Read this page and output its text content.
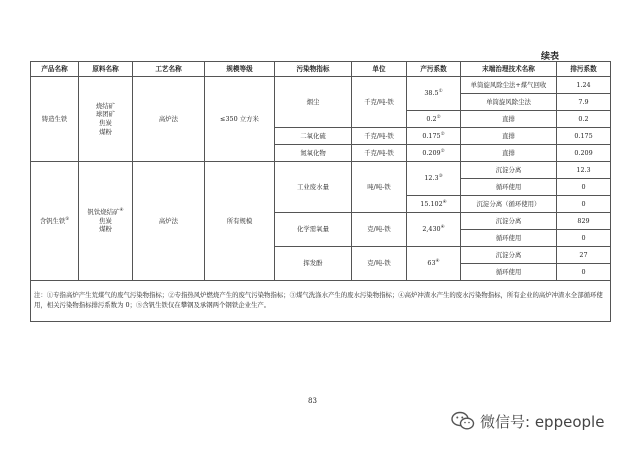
续表
产品名称	原料名称	工艺名称	规模等级	污染物指标	单位	产污系数	末端治理技术名称	排污系数
铸造生铁	烧结矿
球团矿
焦炭
煤粉	高炉法	≤350 立方米	烟尘	千克/吨-铁	38.5①	单筒旋风除尘法+煤气回收	1.24
							单筒旋风除尘法	7.9
						0.2②	直排	0.2
				二氧化硫	千克/吨-铁	0.175②	直排	0.175
				氮氧化物	千克/吨-铁	0.209②	直排	0.209
含钒生铁⑤	钒钛烧结矿④
焦炭
煤粉	高炉法	所有规模	工业废水量	吨/吨-铁	12.3③	沉淀分离	12.3
							循环使用	0
						15.102④	沉淀分离（循环使用）	0
				化学需氧量	克/吨-铁	2,430④	沉淀分离	829
							循环使用	0
				挥发酚	克/吨-铁	63④	沉淀分离	27
							循环使用	0
注：①专指高炉产生荒煤气的废气污染物指标；②专指热风炉燃烧产生的废气污染物指标；③煤气洗涤水产生的废水污染物指标；④高炉冲渣水产生的废水污染物指标，所有企业的高炉冲渣水全部循环使用，相关污染物指标排污系数为 0；⑤含钒生铁仅在攀钢及承钢两个钢铁企业生产。								
83
微信号: eppeople
